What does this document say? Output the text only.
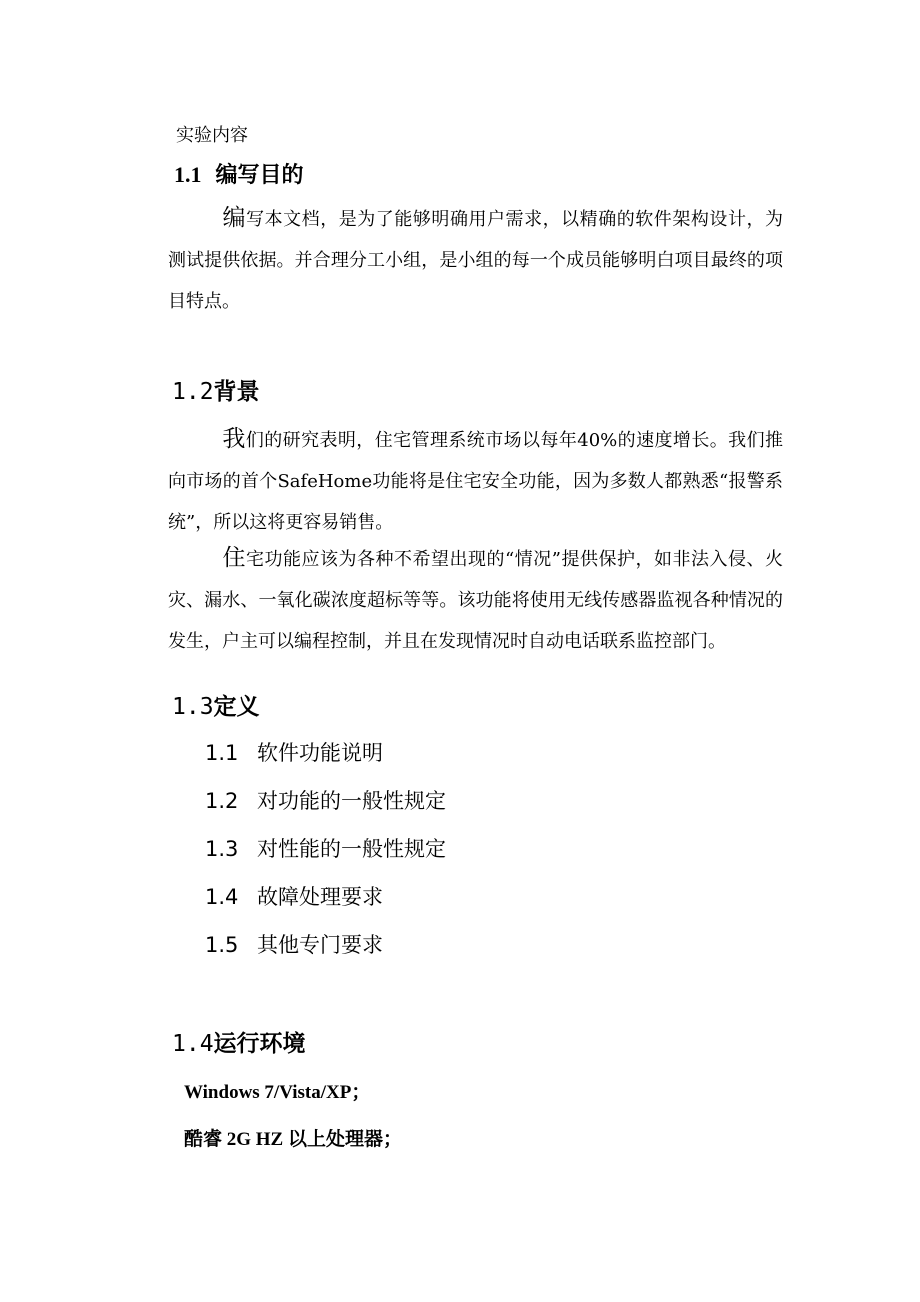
实验内容
1.1 编写目的
编写本文档，是为了能够明确用户需求，以精确的软件架构设计，为测试提供依据。并合理分工小组，是小组的每一个成员能够明白项目最终的项目特点。
1.2背景
我们的研究表明，住宅管理系统市场以每年40%的速度增长。我们推向市场的首个SafeHome功能将是住宅安全功能，因为多数人都熟悉“报警系统”，所以这将更容易销售。
住宅功能应该为各种不希望出现的“情况”提供保护，如非法入侵、火灾、漏水、一氧化碳浓度超标等等。该功能将使用无线传感器监视各种情况的发生，户主可以编程控制，并且在发现情况时自动电话联系监控部门。
1.3定义
1.1 软件功能说明
1.2 对功能的一般性规定
1.3 对性能的一般性规定
1.4 故障处理要求
1.5 其他专门要求
1.4运行环境
Windows 7/Vista/XP；
酷睿 2G HZ 以上处理器；
